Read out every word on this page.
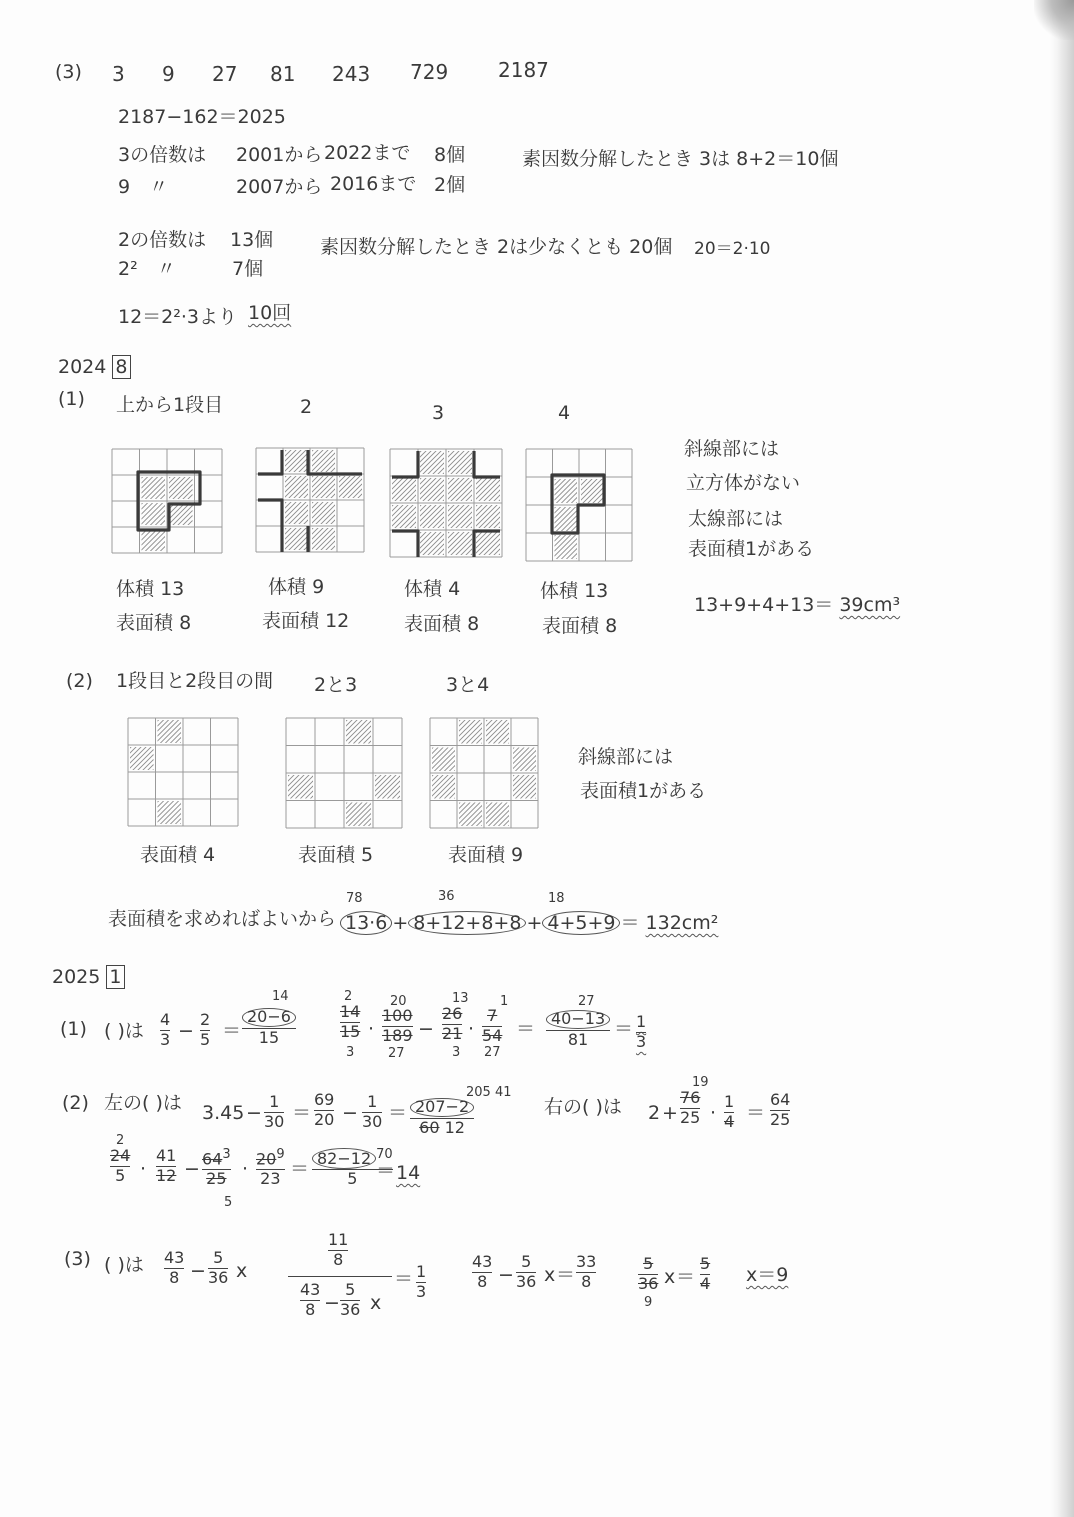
(3) 3 9 27 81 243 729 2187
2187−162＝2025
3の倍数は 2001から 2022まで 8個
9　〃	2007から 2016まで 2個
素因数分解したとき 3は 8+2＝10個
2の倍数は 13個
2²　〃	7個
素因数分解したとき 2は少なくとも 20個 20＝2·10
12＝2²·3より 10回
2024 8
(1) 上から1段目	2	3	4
斜線部には
立方体がない
太線部には
表面積1がある
体積 13	体積 9	体積 4	体積 13
表面積 8	表面積 12	表面積 8	表面積 8
13+9+4+13＝ 39cm³
(2) 1段目と2段目の間 2と3	3と4
斜線部には
表面積1がある
表面積 4	表面積 5	表面積 9
表面積を求めればよいから
78	36	18
13·6 + 8+12+8+8 + 4+5+9 ＝ 132cm²
2025 1
(1) ( )は
4
3 −
2
5 ＝
14
$\frac{20-6}{15}$
2
14
15
3
·
20
100
189
27
−
13
26
21
3
·
1
7
54
27
＝
27
$\frac{40-13}{81} = 1$
3
(2) 左の( )は 3.45 −
1
30 ＝
69
20 −
1
30 ＝
205 41
$\frac{207-2}{60 12}$	右の( )は 2 +
19
76
25 ·
1
4 ＝
64
25
2
24
5 ·
41
$12 - 64^3$
25
5
· $20^9$
23 ＝ 82−12 $^{70}$
5 ＝ 14
(3) ( )は 43
8 −
5
36 x
11
8
43
8 −
5
36 x
＝ 1
3
43
8 −
5
36 x ＝
33
8
5
36
9
x ＝
5
4 x＝9
